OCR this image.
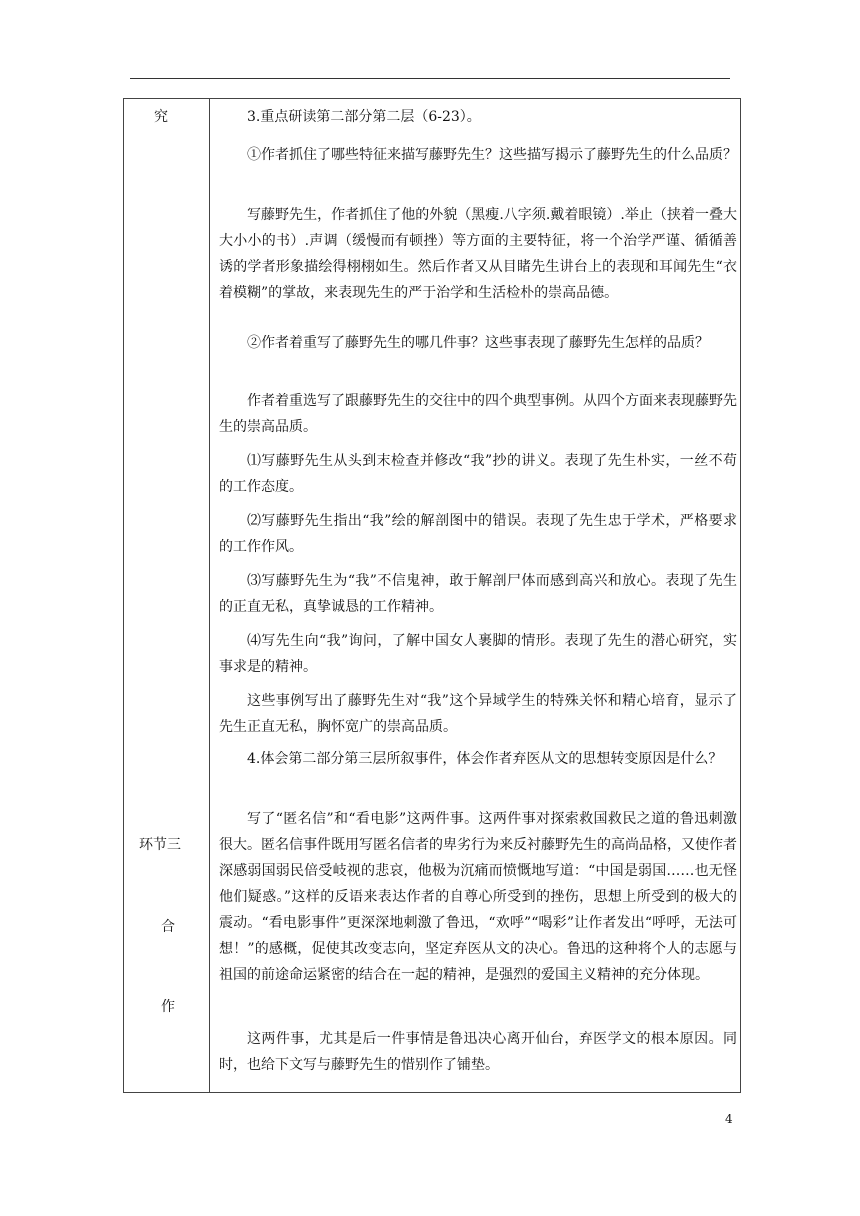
究
环节三
合
作

3.重点研读第二部分第二层（6-23）。

①作者抓住了哪些特征来描写藤野先生？这些描写揭示了藤野先生的什么品质？

写藤野先生，作者抓住了他的外貌（黑瘦.八字须.戴着眼镜）.举止（挟着一叠大大小小的书）.声调（缓慢而有顿挫）等方面的主要特征，将一个治学严谨、循循善诱的学者形象描绘得栩栩如生。然后作者又从目睹先生讲台上的表现和耳闻先生“衣着模糊”的掌故，来表现先生的严于治学和生活检朴的崇高品德。

②作者着重写了藤野先生的哪几件事？这些事表现了藤野先生怎样的品质？

作者着重选写了跟藤野先生的交往中的四个典型事例。从四个方面来表现藤野先生的崇高品质。

⑴写藤野先生从头到末检查并修改“我”抄的讲义。表现了先生朴实，一丝不苟的工作态度。

⑵写藤野先生指出“我”绘的解剖图中的错误。表现了先生忠于学术，严格要求的工作作风。

⑶写藤野先生为“我”不信鬼神，敢于解剖尸体而感到高兴和放心。表现了先生的正直无私，真挚诚恳的工作精神。

⑷写先生向“我”询问，了解中国女人裹脚的情形。表现了先生的潜心研究，实事求是的精神。

这些事例写出了藤野先生对“我”这个异域学生的特殊关怀和精心培育，显示了先生正直无私，胸怀宽广的崇高品质。

4.体会第二部分第三层所叙事件，体会作者弃医从文的思想转变原因是什么？

写了“匿名信”和“看电影”这两件事。这两件事对探索救国救民之道的鲁迅刺激很大。匿名信事件既用写匿名信者的卑劣行为来反衬藤野先生的高尚品格，又使作者深感弱国弱民倍受岐视的悲哀，他极为沉痛而愤慨地写道：“中国是弱国……也无怪他们疑惑。”这样的反语来表达作者的自尊心所受到的挫伤，思想上所受到的极大的震动。“看电影事件”更深深地刺激了鲁迅，“欢呼”“喝彩”让作者发出“呼呼，无法可想！”的感概，促使其改变志向，坚定弃医从文的决心。鲁迅的这种将个人的志愿与祖国的前途命运紧密的结合在一起的精神，是强烈的爱国主义精神的充分体现。

这两件事，尤其是后一件事情是鲁迅决心离开仙台，弃医学文的根本原因。同时，也给下文写与藤野先生的惜别作了铺垫。

4
